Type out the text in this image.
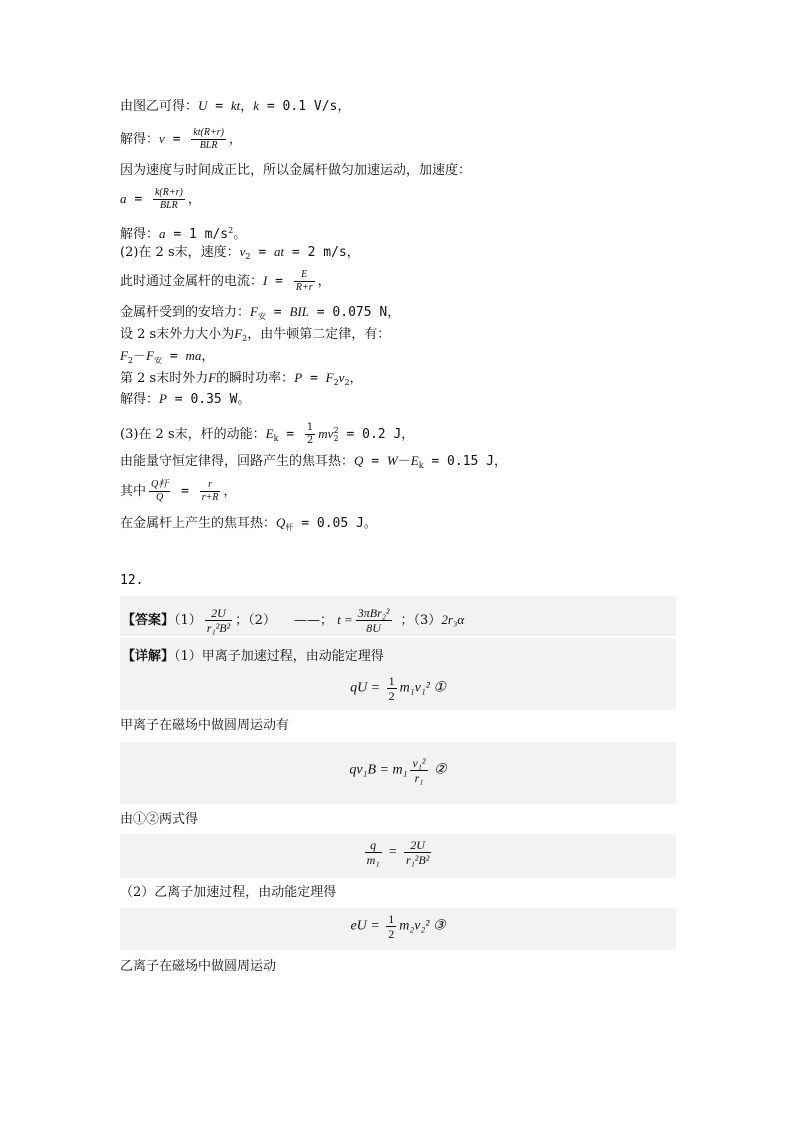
由图乙可得：U = kt，k = 0.1 V/s，
解得：$v = \frac{kt(R+r)}{\text{BLR}}$ ，
因为速度与时间成正比，所以金属杆做匀加速运动，加速度：
$a = \frac{k(R+r)}{\text{BLR}}$ ，
解得：a = 1 $m/s^2$。
(2)在 2 s末，速度：$v_2$ = at = 2 m/s，
此时通过金属杆的电流：$I = \frac{E}{R+r}$ ，
金属杆受到的安培力：$F_安$ = BIL = 0.075 N，
设 2 s末外力大小为$F_2$，由牛顿第二定律，有：
$F_2-F_安$ = ma，
第 2 s末时外力F的瞬时功率：$P = F_2v_2$，
解得：P = 0.35 W。
(3)在 2 s末，杆的动能：$E_k = \frac{1}{2} mv_2^2 = 0.2$ J，
由能量守恒定律得，回路产生的焦耳热：$Q = W-E_k = 0.15$ J，
其中 $\frac{\text{Q杆}}{Q} = \frac{r}{r+R}$ ，
在金属杆上产生的焦耳热：$Q_杆 = 0.05$ J。
12.
【答案】$(1) \frac{2U}{\text{r₁²B²}}$ ；（2） ——； $t = \frac{\text{3πBr₂²}}{8U}$ ；（3）2r₃α
【详解】（1）甲离子加速过程，由动能定理得
qU = $\frac{1}{2} m_1v_1^2$ ①
甲离子在磁场中做圆周运动有
$qv_1B = m_1 \frac{\text{v₁²}}{\text{r₁}}$ ②
由①②两式得
$\frac{q}{\text{m₁}} = \frac{2U}{\text{r₁²B²}}$
（2）乙离子加速过程，由动能定理得
eU = $\frac{1}{2} m_2v_2^2$ ③
乙离子在磁场中做圆周运动
